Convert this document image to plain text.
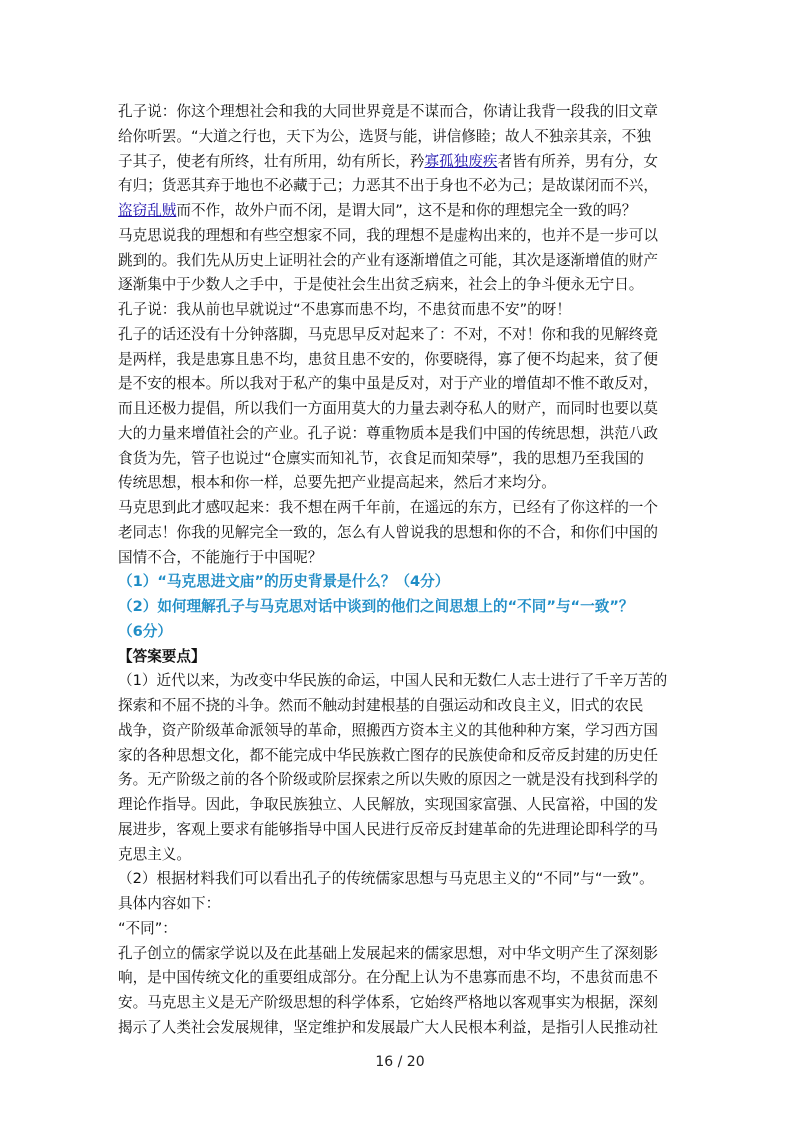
孔子说：你这个理想社会和我的大同世界竟是不谋而合，你请让我背一段我的旧文章
给你听罢。“大道之行也，天下为公，选贤与能，讲信修睦；故人不独亲其亲，不独
子其子，使老有所终，壮有所用，幼有所长，矜寡孤独废疾者皆有所养，男有分，女
有归；货恶其弃于地也不必藏于己；力恶其不出于身也不必为己；是故谋闭而不兴，
盗窃乱贼而不作，故外户而不闭，是谓大同”，这不是和你的理想完全一致的吗？
马克思说我的理想和有些空想家不同，我的理想不是虚构出来的，也并不是一步可以
跳到的。我们先从历史上证明社会的产业有逐渐增值之可能，其次是逐渐增值的财产
逐渐集中于少数人之手中，于是使社会生出贫乏病来，社会上的争斗便永无宁日。
孔子说：我从前也早就说过“不患寡而患不均，不患贫而患不安”的呀！
孔子的话还没有十分钟落脚，马克思早反对起来了：不对，不对！你和我的见解终竟
是两样，我是患寡且患不均，患贫且患不安的，你要晓得，寡了便不均起来，贫了便
是不安的根本。所以我对于私产的集中虽是反对，对于产业的增值却不惟不敢反对，
而且还极力提倡，所以我们一方面用莫大的力量去剥夺私人的财产，而同时也要以莫
大的力量来增值社会的产业。孔子说：尊重物质本是我们中国的传统思想，洪范八政
食货为先，管子也说过“仓廪实而知礼节，衣食足而知荣辱”，我的思想乃至我国的
传统思想，根本和你一样，总要先把产业提高起来，然后才来均分。
马克思到此才感叹起来：我不想在两千年前，在遥远的东方，已经有了你这样的一个
老同志！你我的见解完全一致的，怎么有人曾说我的思想和你的不合，和你们中国的
国情不合，不能施行于中国呢？
（1）“马克思进文庙”的历史背景是什么？（4分）
（2）如何理解孔子与马克思对话中谈到的他们之间思想上的“不同”与“一致”？
（6分）
【答案要点】
（1）近代以来，为改变中华民族的命运，中国人民和无数仁人志士进行了千辛万苦的
探索和不屈不挠的斗争。然而不触动封建根基的自强运动和改良主义，旧式的农民
战争，资产阶级革命派领导的革命，照搬西方资本主义的其他种种方案，学习西方国
家的各种思想文化，都不能完成中华民族救亡图存的民族使命和反帝反封建的历史任
务。无产阶级之前的各个阶级或阶层探索之所以失败的原因之一就是没有找到科学的
理论作指导。因此，争取民族独立、人民解放，实现国家富强、人民富裕，中国的发
展进步，客观上要求有能够指导中国人民进行反帝反封建革命的先进理论即科学的马
克思主义。
（2）根据材料我们可以看出孔子的传统儒家思想与马克思主义的“不同”与“一致”。
具体内容如下：
“不同”：
孔子创立的儒家学说以及在此基础上发展起来的儒家思想，对中华文明产生了深刻影
响，是中国传统文化的重要组成部分。在分配上认为不患寡而患不均，不患贫而患不
安。马克思主义是无产阶级思想的科学体系，它始终严格地以客观事实为根据，深刻
揭示了人类社会发展规律，坚定维护和发展最广大人民根本利益，是指引人民推动社
16 / 20
